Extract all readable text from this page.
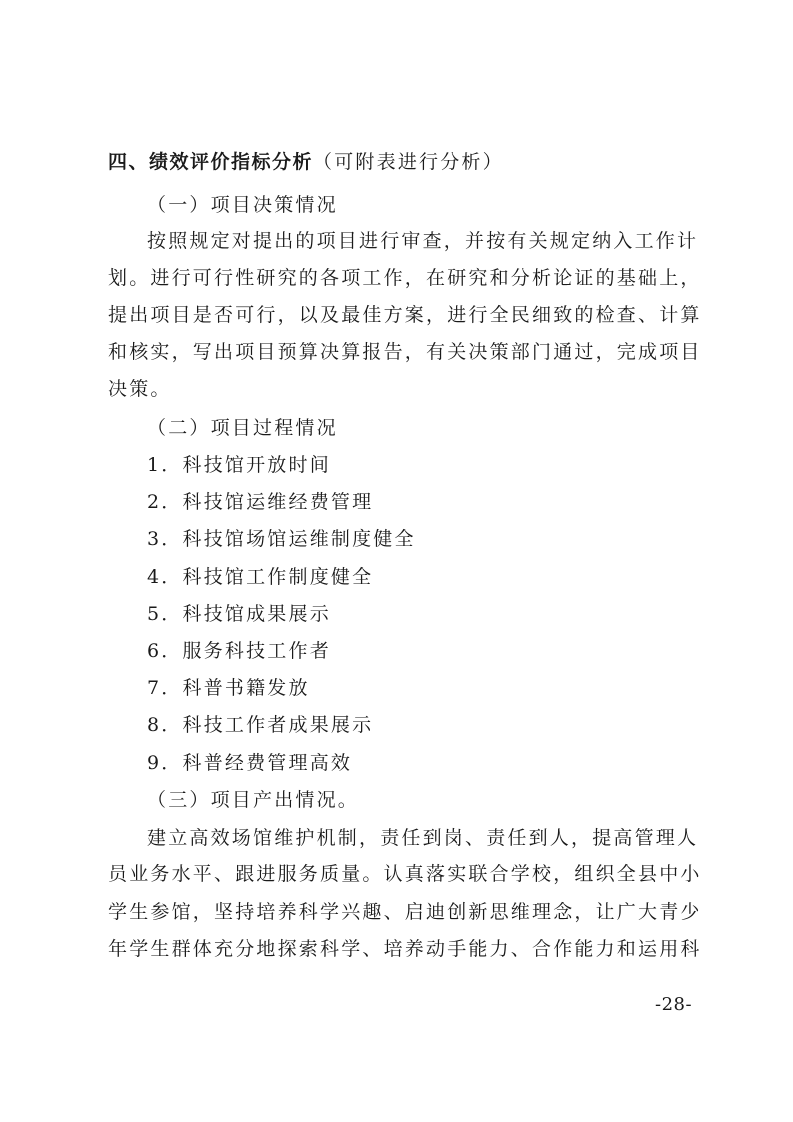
四、绩效评价指标分析（可附表进行分析）
（一）项目决策情况
按照规定对提出的项目进行审查，并按有关规定纳入工作计
划。进行可行性研究的各项工作，在研究和分析论证的基础上，
提出项目是否可行，以及最佳方案，进行全民细致的检查、计算
和核实，写出项目预算决算报告，有关决策部门通过，完成项目
决策。
（二）项目过程情况
1．科技馆开放时间
2．科技馆运维经费管理
3．科技馆场馆运维制度健全
4．科技馆工作制度健全
5．科技馆成果展示
6．服务科技工作者
7．科普书籍发放
8．科技工作者成果展示
9．科普经费管理高效
（三）项目产出情况。
建立高效场馆维护机制，责任到岗、责任到人，提高管理人
员业务水平、跟进服务质量。认真落实联合学校，组织全县中小
学生参馆，坚持培养科学兴趣、启迪创新思维理念，让广大青少
年学生群体充分地探索科学、培养动手能力、合作能力和运用科
-28-
